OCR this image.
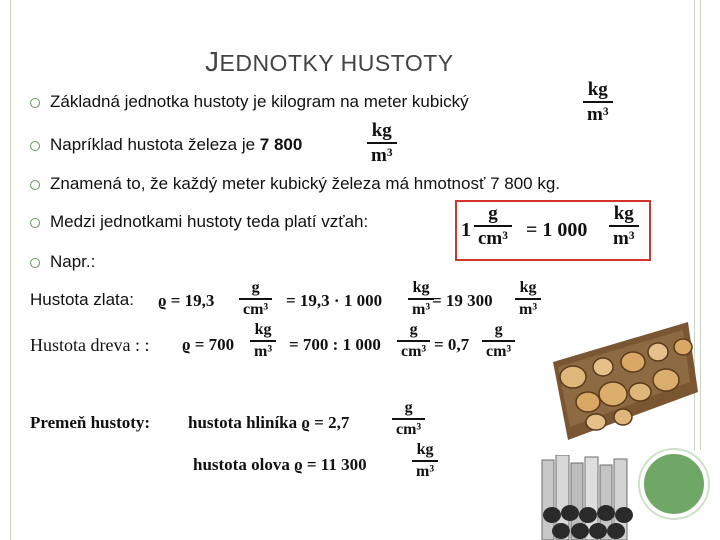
JEDNOTKY HUSTOTY
Základná jednotka hustoty je kilogram na meter kubický
kg
m³
Napríklad hustota železa je 7 800
kg
m³
Znamená to, že každý meter kubický železa má hmotnosť 7 800 kg.
Medzi jednotkami hustoty teda platí vzťah:	1
g
cm³ = 1 000
kg
m³
Napr.:
Hustota zlata: ϱ = 19,3
g
cm³ = 19,3 · 1 000
kg
m³ = 19 300
kg
m³
Hustota dreva : : ϱ = 700
kg
m³ = 700 : 1 000
g
cm³ = 0,7
g
cm³
Premeň hustoty: hustota hliníka ϱ = 2,7
g
cm³
hustota olova ϱ = 11 300
kg
m³
